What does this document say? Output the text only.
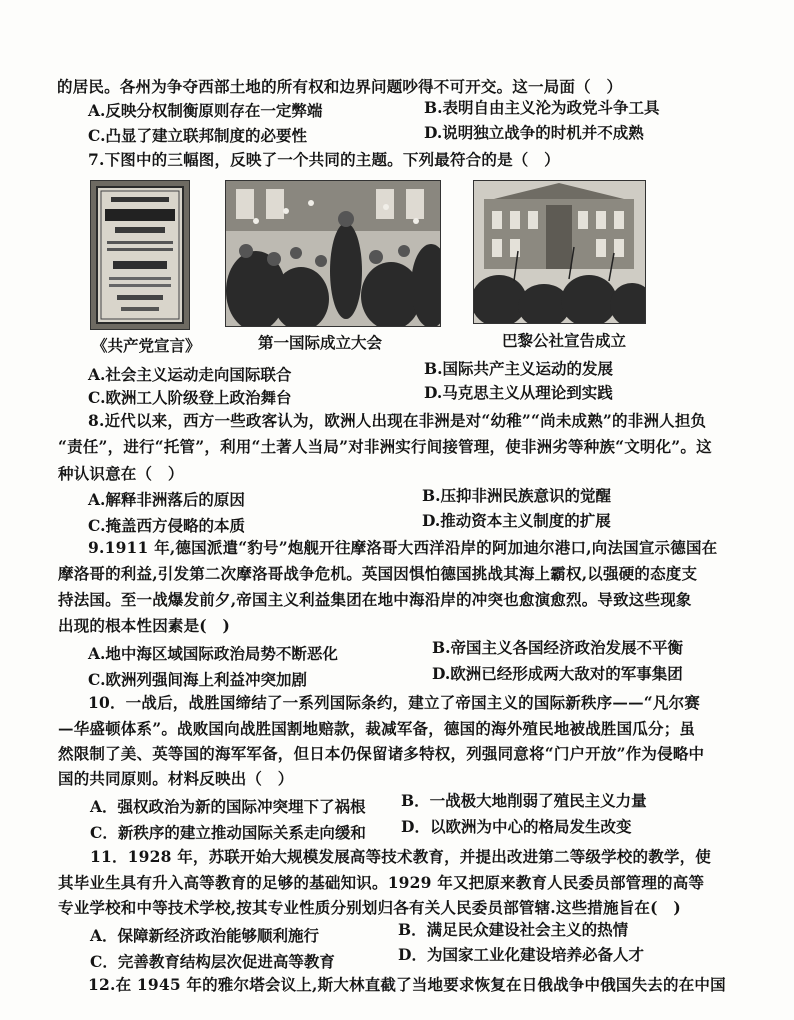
的居民。各州为争夺西部土地的所有权和边界问题吵得不可开交。这一局面（　）
A.反映分权制衡原则存在一定弊端	B.表明自由主义沦为政党斗争工具
C.凸显了建立联邦制度的必要性	D.说明独立战争的时机并不成熟
7.下图中的三幅图，反映了一个共同的主题。下列最符合的是（　）
《共产党宣言》	第一国际成立大会	巴黎公社宣告成立
A.社会主义运动走向国际联合	B.国际共产主义运动的发展
C.欧洲工人阶级登上政治舞台	D.马克思主义从理论到实践
8.近代以来，西方一些政客认为，欧洲人出现在非洲是对“幼稚”“尚未成熟”的非洲人担负
“责任”，进行“托管”，利用“土著人当局”对非洲实行间接管理，使非洲劣等种族“文明化”。这
种认识意在（　）
A.解释非洲落后的原因	B.压抑非洲民族意识的觉醒
C.掩盖西方侵略的本质	D.推动资本主义制度的扩展
9.1911 年,德国派遣“豹号”炮舰开往摩洛哥大西洋沿岸的阿加迪尔港口,向法国宣示德国在
摩洛哥的利益,引发第二次摩洛哥战争危机。英国因惧怕德国挑战其海上霸权,以强硬的态度支
持法国。至一战爆发前夕,帝国主义利益集团在地中海沿岸的冲突也愈演愈烈。导致这些现象
出现的根本性因素是(　)
A.地中海区域国际政治局势不断恶化	B.帝国主义各国经济政治发展不平衡
C.欧洲列强间海上利益冲突加剧	D.欧洲已经形成两大敌对的军事集团
10．一战后，战胜国缔结了一系列国际条约，建立了帝国主义的国际新秩序——“凡尔赛
—华盛顿体系”。战败国向战胜国割地赔款，裁减军备，德国的海外殖民地被战胜国瓜分；虽
然限制了美、英等国的海军军备，但日本仍保留诸多特权，列强同意将“门户开放”作为侵略中
国的共同原则。材料反映出（　）
A．强权政治为新的国际冲突埋下了祸根 B．一战极大地削弱了殖民主义力量
C．新秩序的建立推动国际关系走向缓和 D．以欧洲为中心的格局发生改变
11．1928 年，苏联开始大规模发展高等技术教育，并提出改进第二等级学校的教学，使
其毕业生具有升入高等教育的足够的基础知识。1929 年又把原来教育人民委员部管理的高等
专业学校和中等技术学校,按其专业性质分别划归各有关人民委员部管辖.这些措施旨在(　)
A．保障新经济政治能够顺利施行	B．满足民众建设社会主义的热情
C．完善教育结构层次促进高等教育	D．为国家工业化建设培养必备人才
12.在 1945 年的雅尔塔会议上,斯大林直截了当地要求恢复在日俄战争中俄国失去的在中国
